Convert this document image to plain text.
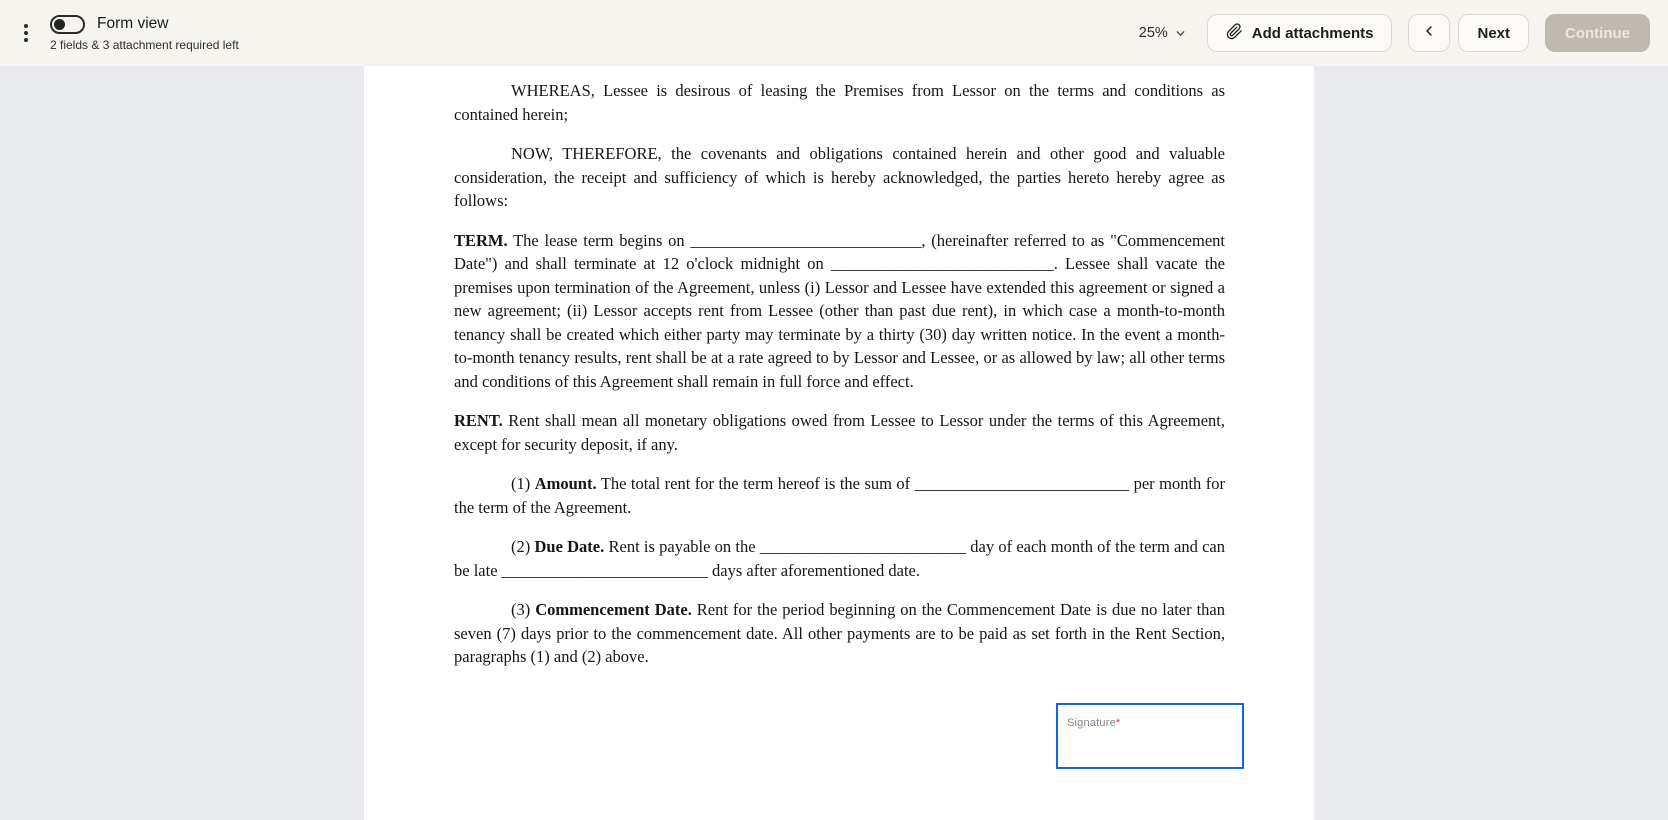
Form view
2 fields & 3 attachment required left
25%	Add attachments	Next	Continue

WHEREAS, Lessee is desirous of leasing the Premises from Lessor on the terms and conditions as contained herein;

NOW, THEREFORE, the covenants and obligations contained herein and other good and valuable consideration, the receipt and sufficiency of which is hereby acknowledged, the parties hereto hereby agree as follows:

TERM. The lease term begins on ____________________________, (hereinafter referred to as "Commencement Date") and shall terminate at 12 o'clock midnight on ___________________________. Lessee shall vacate the premises upon termination of the Agreement, unless (i) Lessor and Lessee have extended this agreement or signed a new agreement; (ii) Lessor accepts rent from Lessee (other than past due rent), in which case a month-to-month tenancy shall be created which either party may terminate by a thirty (30) day written notice. In the event a month-to-month tenancy results, rent shall be at a rate agreed to by Lessor and Lessee, or as allowed by law; all other terms and conditions of this Agreement shall remain in full force and effect.

RENT. Rent shall mean all monetary obligations owed from Lessee to Lessor under the terms of this Agreement, except for security deposit, if any.

(1) Amount. The total rent for the term hereof is the sum of __________________________ per month for the term of the Agreement.

(2) Due Date. Rent is payable on the _________________________ day of each month of the term and can be late _________________________ days after aforementioned date.

(3) Commencement Date. Rent for the period beginning on the Commencement Date is due no later than seven (7) days prior to the commencement date. All other payments are to be paid as set forth in the Rent Section, paragraphs (1) and (2) above.

Signature*
